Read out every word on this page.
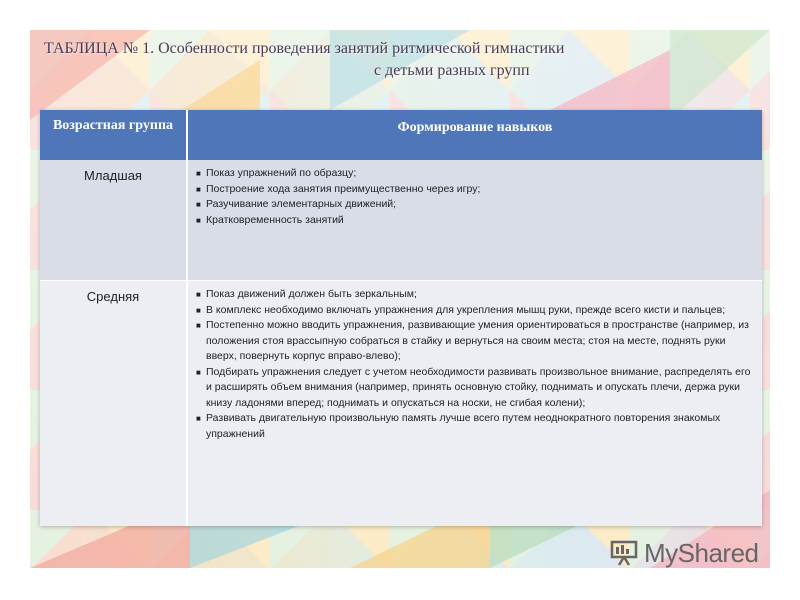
ТАБЛИЦА № 1. Особенности проведения занятий ритмической гимнастики
с детьми разных групп
Возрастная группа	Формирование навыков
Младшая	■ Показ упражнений по образцу;
■ Построение хода занятия преимущественно через игру;
■ Разучивание элементарных движений;
■ Кратковременность занятий
Средняя	■ Показ движений должен быть зеркальным;
■ В комплекс необходимо включать упражнения для укрепления мышц руки, прежде всего кисти и пальцев;
■ Постепенно можно вводить упражнения, развивающие умения ориентироваться в пространстве (например, из положения стоя врассыпную собраться в стайку и вернуться на своим места; стоя на месте, поднять руки вверх, повернуть корпус вправо-влево);
■ Подбирать упражнения следует с учетом необходимости развивать произвольное внимание, распределять его и расширять объем внимания (например, принять основную стойку, поднимать и опускать плечи, держа руки книзу ладонями вперед; поднимать и опускаться на носки, не сгибая колени);
■ Развивать двигательную произвольную память лучше всего путем неоднократного повторения знакомых упражнений
MyShared
